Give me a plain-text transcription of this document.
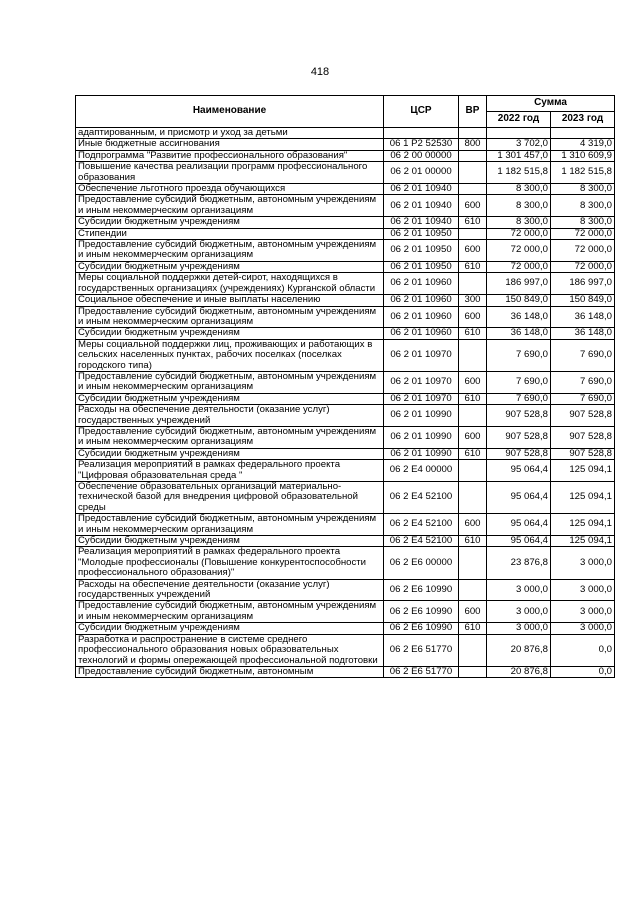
418
Наименование	ЦСР	ВР	Сумма	
			2022 год	2023 год
адаптированным, и присмотр и уход за детьми				
Иные бюджетные ассигнования	06 1 P2 52530	800	3 702,0	4 319,0
Подпрограмма "Развитие профессионального образования"	06 2 00 00000		1 301 457,0	1 310 609,9
Повышение качества реализации программ профессионального образования	06 2 01 00000		1 182 515,8	1 182 515,8
Обеспечение льготного проезда обучающихся	06 2 01 10940		8 300,0	8 300,0
Предоставление субсидий бюджетным, автономным учреждениям и иным некоммерческим организациям	06 2 01 10940	600	8 300,0	8 300,0
Субсидии бюджетным учреждениям	06 2 01 10940	610	8 300,0	8 300,0
Стипендии	06 2 01 10950		72 000,0	72 000,0
Предоставление субсидий бюджетным, автономным учреждениям и иным некоммерческим организациям	06 2 01 10950	600	72 000,0	72 000,0
Субсидии бюджетным учреждениям	06 2 01 10950	610	72 000,0	72 000,0
Меры социальной поддержки детей-сирот, находящихся в государственных организациях (учреждениях) Курганской области	06 2 01 10960		186 997,0	186 997,0
Социальное обеспечение и иные выплаты населению	06 2 01 10960	300	150 849,0	150 849,0
Предоставление субсидий бюджетным, автономным учреждениям и иным некоммерческим организациям	06 2 01 10960	600	36 148,0	36 148,0
Субсидии бюджетным учреждениям	06 2 01 10960	610	36 148,0	36 148,0
Меры социальной поддержки лиц, проживающих и работающих в сельских населенных пунктах, рабочих поселках (поселках городского типа)	06 2 01 10970		7 690,0	7 690,0
Предоставление субсидий бюджетным, автономным учреждениям и иным некоммерческим организациям	06 2 01 10970	600	7 690,0	7 690,0
Субсидии бюджетным учреждениям	06 2 01 10970	610	7 690,0	7 690,0
Расходы на обеспечение деятельности (оказание услуг) государственных учреждений	06 2 01 10990		907 528,8	907 528,8
Предоставление субсидий бюджетным, автономным учреждениям и иным некоммерческим организациям	06 2 01 10990	600	907 528,8	907 528,8
Субсидии бюджетным учреждениям	06 2 01 10990	610	907 528,8	907 528,8
Реализация мероприятий в рамках федерального проекта "Цифровая образовательная среда "	06 2 E4 00000		95 064,4	125 094,1
Обеспечение образовательных организаций материально-технической базой для внедрения цифровой образовательной среды	06 2 E4 52100		95 064,4	125 094,1
Предоставление субсидий бюджетным, автономным учреждениям и иным некоммерческим организациям	06 2 E4 52100	600	95 064,4	125 094,1
Субсидии бюджетным учреждениям	06 2 E4 52100	610	95 064,4	125 094,1
Реализация мероприятий в рамках федерального проекта "Молодые профессионалы (Повышение конкурентоспособности профессионального образования)"	06 2 E6 00000		23 876,8	3 000,0
Расходы на обеспечение деятельности (оказание услуг) государственных учреждений	06 2 E6 10990		3 000,0	3 000,0
Предоставление субсидий бюджетным, автономным учреждениям и иным некоммерческим организациям	06 2 E6 10990	600	3 000,0	3 000,0
Субсидии бюджетным учреждениям	06 2 E6 10990	610	3 000,0	3 000,0
Разработка и распространение в системе среднего профессионального образования новых образовательных технологий и формы опережающей профессиональной подготовки	06 2 E6 51770		20 876,8	0,0
Предоставление субсидий бюджетным, автономным	06 2 E6 51770		20 876,8	0,0
